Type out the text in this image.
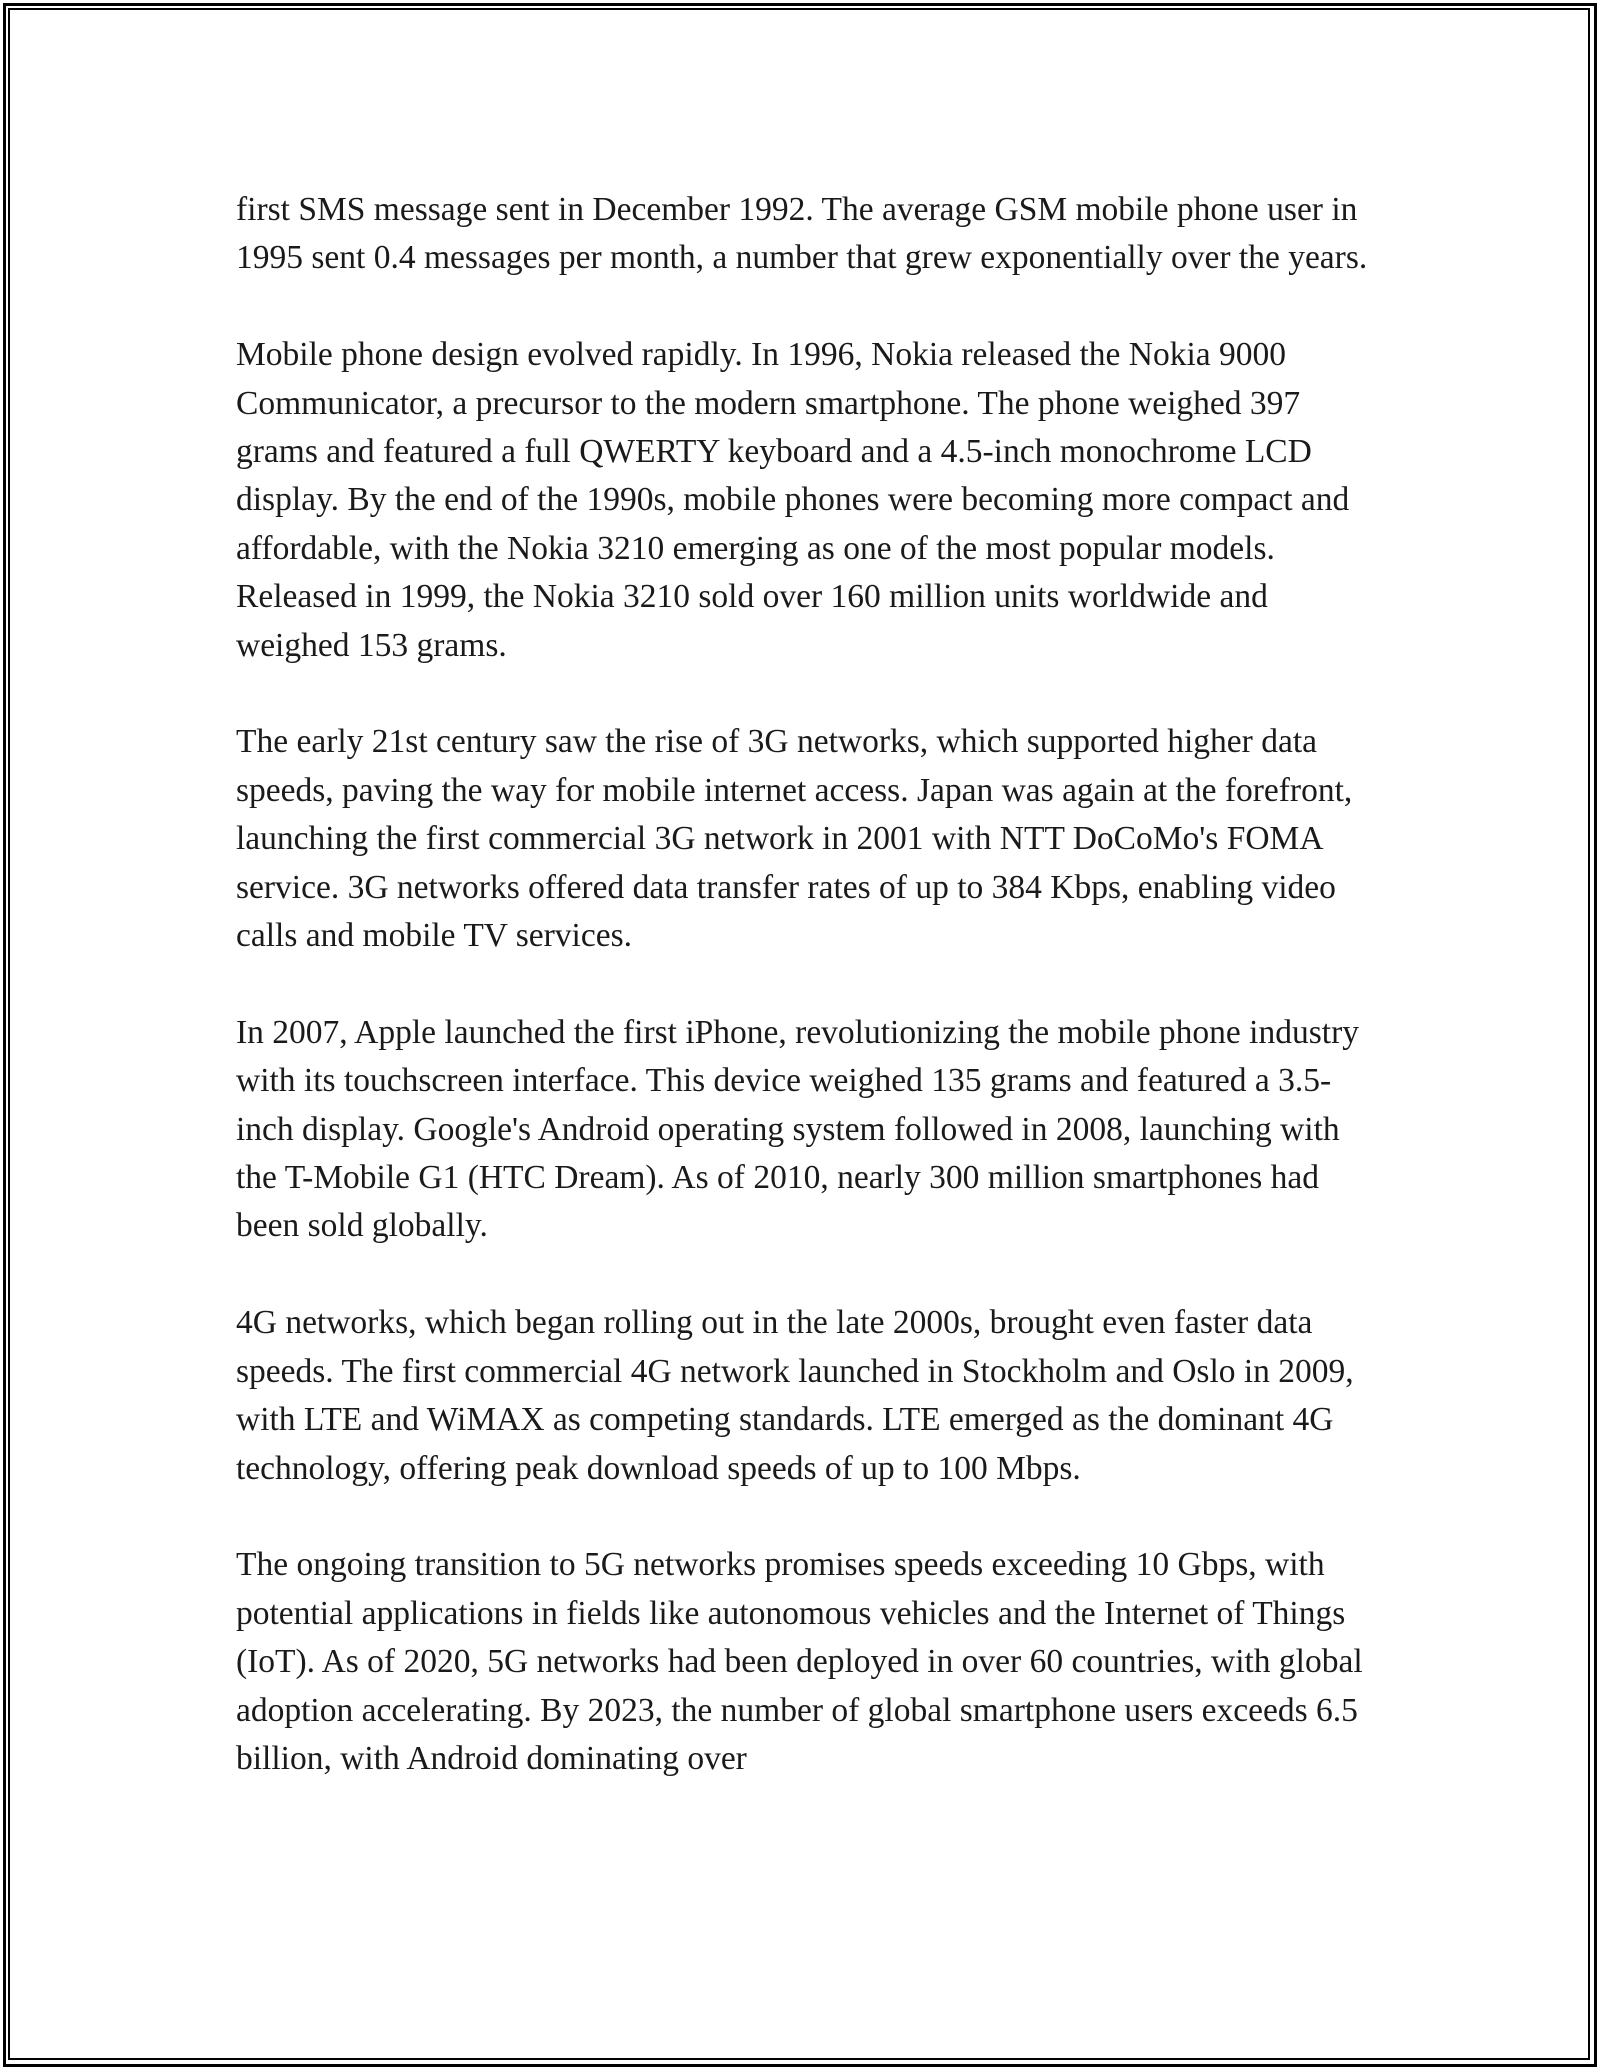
first SMS message sent in December 1992. The average GSM mobile phone user in 1995 sent 0.4 messages per month, a number that grew exponentially over the years.

Mobile phone design evolved rapidly. In 1996, Nokia released the Nokia 9000 Communicator, a precursor to the modern smartphone. The phone weighed 397 grams and featured a full QWERTY keyboard and a 4.5-inch monochrome LCD display. By the end of the 1990s, mobile phones were becoming more compact and affordable, with the Nokia 3210 emerging as one of the most popular models. Released in 1999, the Nokia 3210 sold over 160 million units worldwide and weighed 153 grams.

The early 21st century saw the rise of 3G networks, which supported higher data speeds, paving the way for mobile internet access. Japan was again at the forefront, launching the first commercial 3G network in 2001 with NTT DoCoMo's FOMA service. 3G networks offered data transfer rates of up to 384 Kbps, enabling video calls and mobile TV services.

In 2007, Apple launched the first iPhone, revolutionizing the mobile phone industry with its touchscreen interface. This device weighed 135 grams and featured a 3.5-inch display. Google's Android operating system followed in 2008, launching with the T-Mobile G1 (HTC Dream). As of 2010, nearly 300 million smartphones had been sold globally.

4G networks, which began rolling out in the late 2000s, brought even faster data speeds. The first commercial 4G network launched in Stockholm and Oslo in 2009, with LTE and WiMAX as competing standards. LTE emerged as the dominant 4G technology, offering peak download speeds of up to 100 Mbps.

The ongoing transition to 5G networks promises speeds exceeding 10 Gbps, with potential applications in fields like autonomous vehicles and the Internet of Things (IoT). As of 2020, 5G networks had been deployed in over 60 countries, with global adoption accelerating. By 2023, the number of global smartphone users exceeds 6.5 billion, with Android dominating over
